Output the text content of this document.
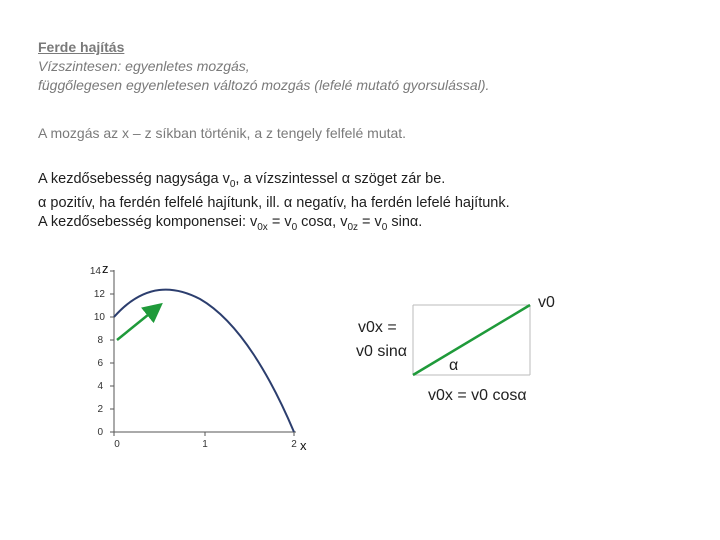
Ferde hajítás
Vízszintesen: egyenletes mozgás,
függőlegesen egyenletesen változó mozgás (lefelé mutató gyorsulással).
A mozgás az x – z síkban történik, a z tengely felfelé mutat.
A kezdősebesség nagysága $v_0$, a vízszintessel α szöget zár be.
α pozitív, ha ferdén felfelé hajítunk, ill. α negatív, ha ferdén lefelé hajítunk.
A kezdősebesség komponensei: $v_{0x} = v_0$ cosα, $v_{0z} = v_0$ sinα.
0
2
4
6
8
10
12
14 z
0	1	2 x
v0
v0x =
v0 sinα
α
v0x = v0 cosα
